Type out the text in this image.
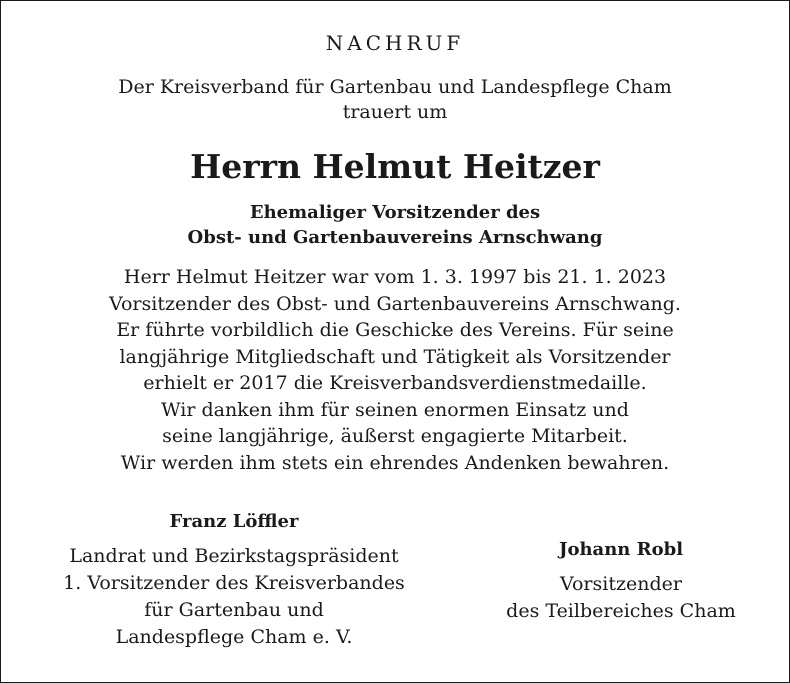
NACHRUF
Der Kreisverband für Gartenbau und Landespflege Cham
trauert um
Herrn Helmut Heitzer
Ehemaliger Vorsitzender des
Obst- und Gartenbauvereins Arnschwang
Herr Helmut Heitzer war vom 1. 3. 1997 bis 21. 1. 2023
Vorsitzender des Obst- und Gartenbauvereins Arnschwang.
Er führte vorbildlich die Geschicke des Vereins. Für seine
langjährige Mitgliedschaft und Tätigkeit als Vorsitzender
erhielt er 2017 die Kreisverbandsverdienstmedaille.
Wir danken ihm für seinen enormen Einsatz und
seine langjährige, äußerst engagierte Mitarbeit.
Wir werden ihm stets ein ehrendes Andenken bewahren.
Franz Löffler
Landrat und Bezirkstagspräsident
1. Vorsitzender des Kreisverbandes
für Gartenbau und
Landespflege Cham e. V.
Johann Robl
Vorsitzender
des Teilbereiches Cham
